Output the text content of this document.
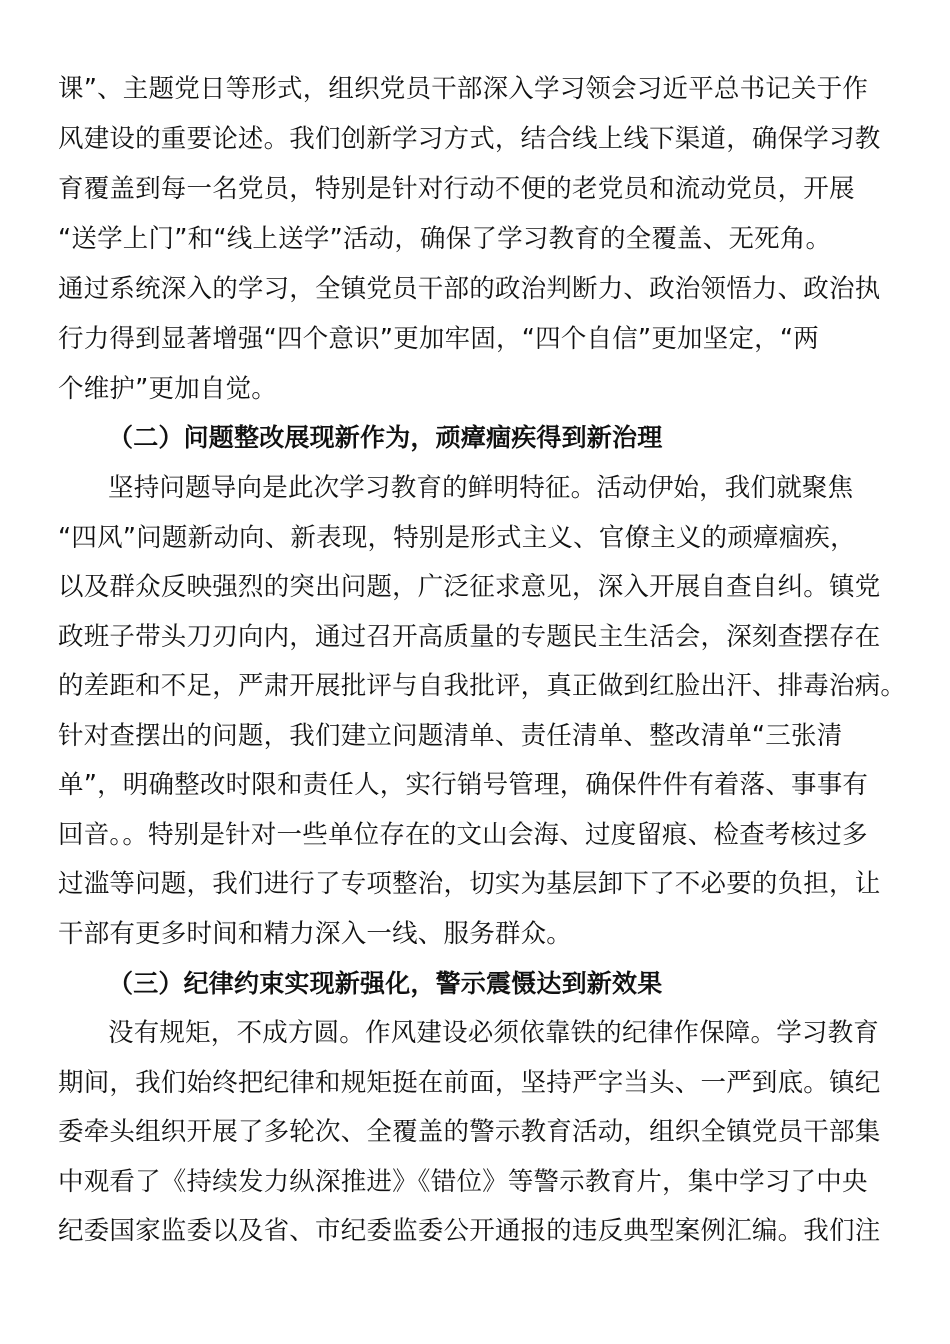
课”、主题党日等形式，组织党员干部深入学习领会习近平总书记关于作
风建设的重要论述。我们创新学习方式，结合线上线下渠道，确保学习教
育覆盖到每一名党员，特别是针对行动不便的老党员和流动党员，开展
“送学上门”和“线上送学”活动，确保了学习教育的全覆盖、无死角。
通过系统深入的学习，全镇党员干部的政治判断力、政治领悟力、政治执
行力得到显著增强“四个意识”更加牢固，“四个自信”更加坚定，“两
个维护”更加自觉。
（二）问题整改展现新作为，顽瘴痼疾得到新治理
坚持问题导向是此次学习教育的鲜明特征。活动伊始，我们就聚焦
“四风”问题新动向、新表现，特别是形式主义、官僚主义的顽瘴痼疾，
以及群众反映强烈的突出问题，广泛征求意见，深入开展自查自纠。镇党
政班子带头刀刃向内，通过召开高质量的专题民主生活会，深刻查摆存在
的差距和不足，严肃开展批评与自我批评，真正做到红脸出汗、排毒治病。
针对查摆出的问题，我们建立问题清单、责任清单、整改清单“三张清
单”，明确整改时限和责任人，实行销号管理，确保件件有着落、事事有
回音。。特别是针对一些单位存在的文山会海、过度留痕、检查考核过多
过滥等问题，我们进行了专项整治，切实为基层卸下了不必要的负担，让
干部有更多时间和精力深入一线、服务群众。
（三）纪律约束实现新强化，警示震慑达到新效果
没有规矩，不成方圆。作风建设必须依靠铁的纪律作保障。学习教育
期间，我们始终把纪律和规矩挺在前面，坚持严字当头、一严到底。镇纪
委牵头组织开展了多轮次、全覆盖的警示教育活动，组织全镇党员干部集
中观看了《持续发力纵深推进》《错位》等警示教育片，集中学习了中央
纪委国家监委以及省、市纪委监委公开通报的违反典型案例汇编。我们注
